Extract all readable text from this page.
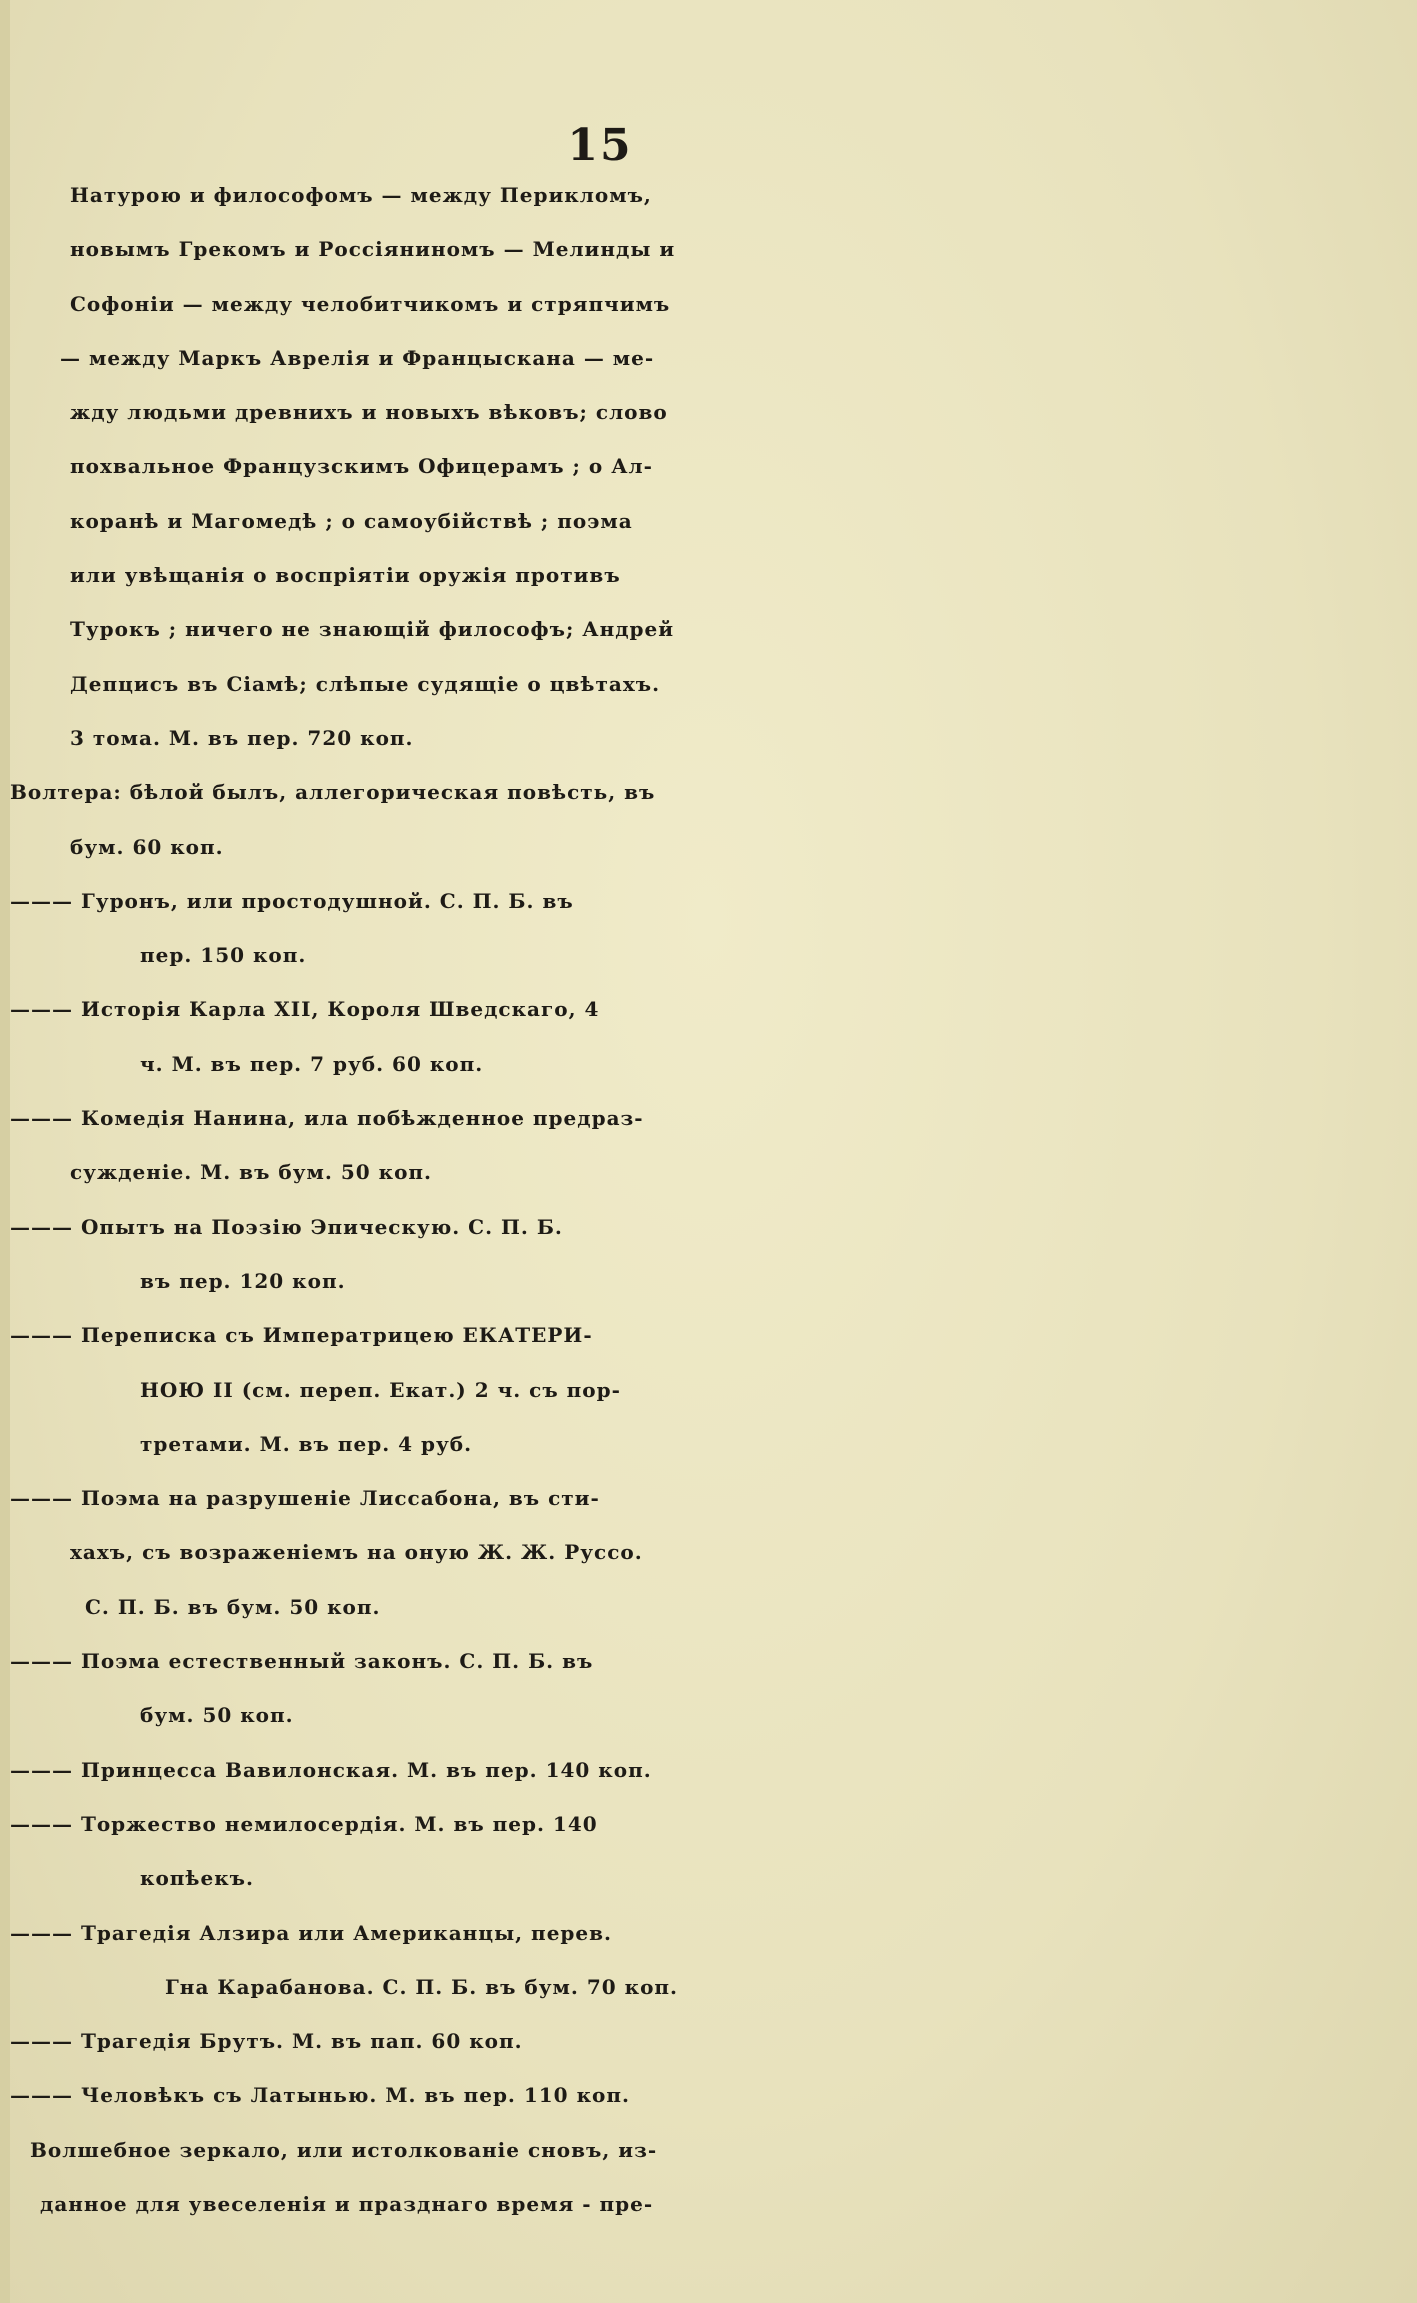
15
Натурою и философомъ — между Перикломъ,
новымъ Грекомъ и Россіяниномъ — Мелинды и
Софоніи — между челобитчикомъ и стряпчимъ
— между Маркъ Аврелія и Францыскана — ме-
жду людьми древнихъ и новыхъ вѣковъ; слово
похвальное Французскимъ Офицерамъ ; о Ал-
коранѣ и Магомедѣ ; о самоубійствѣ ; поэма
или увѣщанія о воспріятіи оружія противъ
Турокъ ; ничего не знающій философъ; Андрей
Депцисъ въ Сіамѣ; слѣпые судящіе о цвѣтахъ.
3 тома. М. въ пер. 720 коп.
Волтера: бѣлой былъ, аллегорическая повѣсть, въ
бум. 60 коп.
——— Гуронъ, или простодушной. С. П. Б. въ
пер. 150 коп.
——— Исторія Карла XII, Короля Шведскаго, 4
ч. М. въ пер. 7 руб. 60 коп.
——— Комедія Нанина, ила побѣжденное предраз-
сужденіе. М. въ бум. 50 коп.
——— Опытъ на Поэзію Эпическую. С. П. Б.
въ пер. 120 коп.
——— Переписка съ Императрицею ЕКАТЕРИ-
НОЮ II (см. переп. Екат.) 2 ч. съ пор-
третами. М. въ пер. 4 руб.
——— Поэма на разрушеніе Лиссабона, въ сти-
хахъ, съ возраженіемъ на оную Ж. Ж. Руссо.
С. П. Б. въ бум. 50 коп.
——— Поэма естественный законъ. С. П. Б. въ
бум. 50 коп.
——— Принцесса Вавилонская. М. въ пер. 140 коп.
——— Торжество немилосердія. М. въ пер. 140
копѣекъ.
——— Трагедія Алзира или Американцы, перев.
Гна Карабанова. С. П. Б. въ бум. 70 коп.
——— Трагедія Брутъ. М. въ пап. 60 коп.
——— Человѣкъ съ Латынью. М. въ пер. 110 коп.
Волшебное зеркало, или истолкованіе сновъ, из-
данное для увеселенія и празднаго время - пре-
